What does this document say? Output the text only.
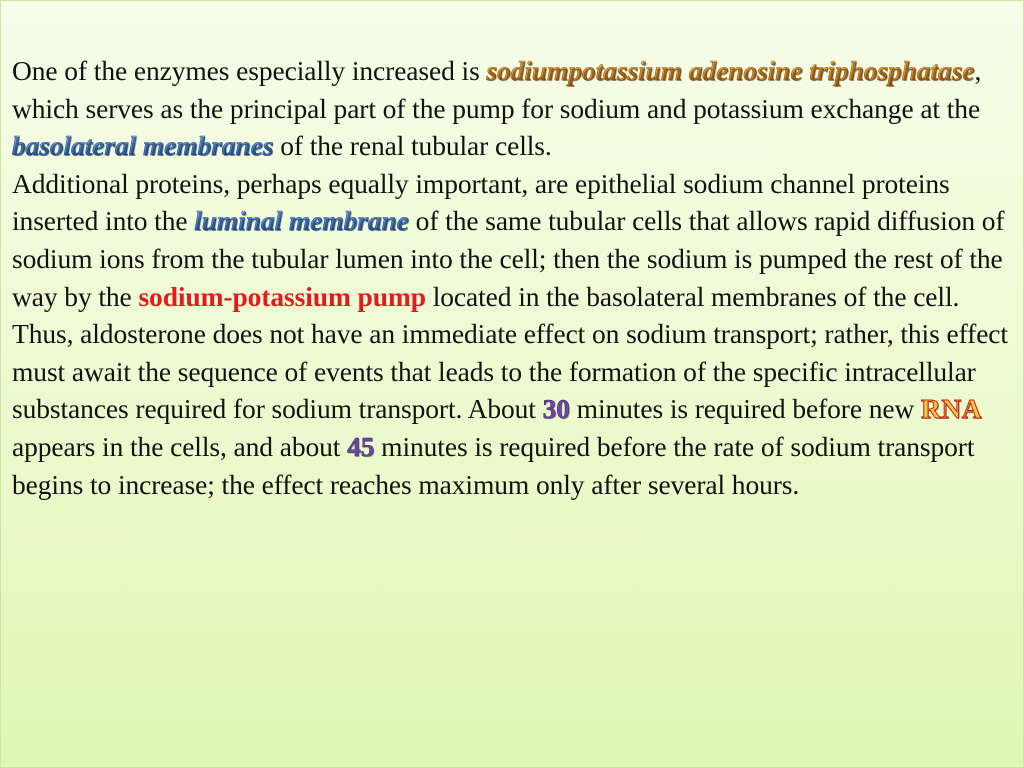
One of the enzymes especially increased is sodiumpotassium adenosine triphosphatase, which serves as the principal part of the pump for sodium and potassium exchange at the basolateral membranes of the renal tubular cells.

Additional proteins, perhaps equally important, are epithelial sodium channel proteins inserted into the luminal membrane of the same tubular cells that allows rapid diffusion of sodium ions from the tubular lumen into the cell; then the sodium is pumped the rest of the way by the sodium-potassium pump located in the basolateral membranes of the cell.

Thus, aldosterone does not have an immediate effect on sodium transport; rather, this effect must await the sequence of events that leads to the formation of the specific intracellular substances required for sodium transport. About 30 minutes is required before new RNA appears in the cells, and about 45 minutes is required before the rate of sodium transport begins to increase; the effect reaches maximum only after several hours.
